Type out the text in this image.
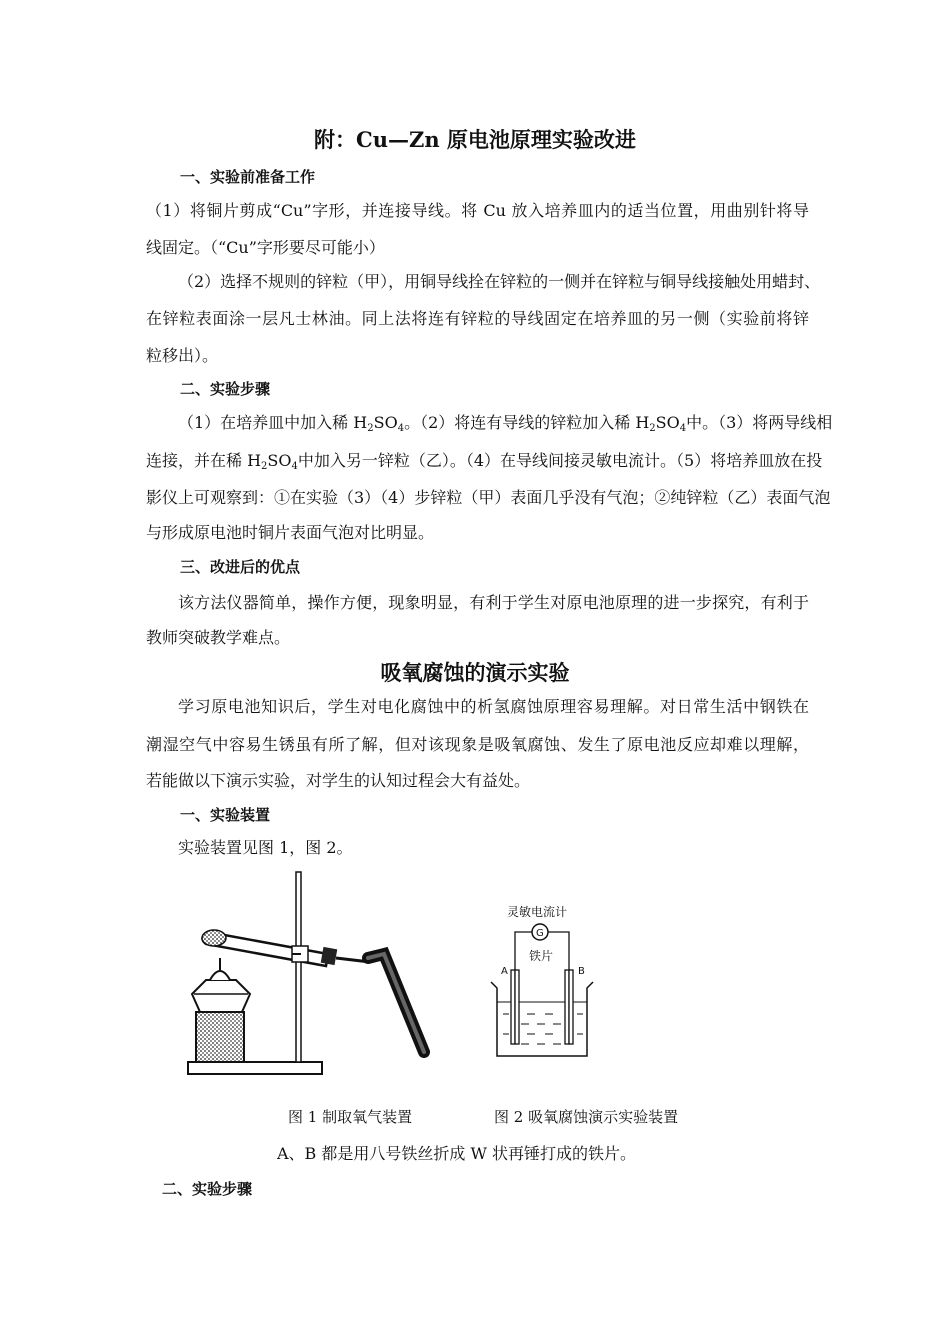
附：Cu—Zn 原电池原理实验改进
一、实验前准备工作
（1）将铜片剪成“Cu”字形，并连接导线。将 Cu 放入培养皿内的适当位置，用曲别针将导
线固定。（“Cu”字形要尽可能小）
（2）选择不规则的锌粒（甲），用铜导线拴在锌粒的一侧并在锌粒与铜导线接触处用蜡封、
在锌粒表面涂一层凡士林油。同上法将连有锌粒的导线固定在培养皿的另一侧（实验前将锌
粒移出）。
二、实验步骤
（1）在培养皿中加入稀 $H_2SO_4$。（2）将连有导线的锌粒加入稀 $H_2SO_4$中。（3）将两导线相
连接，并在稀 $H_2SO_4$中加入另一锌粒（乙）。（4）在导线间接灵敏电流计。（5）将培养皿放在投
影仪上可观察到：①在实验（3）（4）步锌粒（甲）表面几乎没有气泡；②纯锌粒（乙）表面气泡
与形成原电池时铜片表面气泡对比明显。
三、改进后的优点
该方法仪器简单，操作方便，现象明显，有利于学生对原电池原理的进一步探究，有利于
教师突破教学难点。
吸氧腐蚀的演示实验
学习原电池知识后，学生对电化腐蚀中的析氢腐蚀原理容易理解。对日常生活中钢铁在
潮湿空气中容易生锈虽有所了解，但对该现象是吸氧腐蚀、发生了原电池反应却难以理解，
若能做以下演示实验，对学生的认知过程会大有益处。
一、实验装置
实验装置见图 1，图 2。
灵敏电流计
G
铁片
A	B
图 1 制取氧气装置	图 2 吸氧腐蚀演示实验装置
A、B 都是用八号铁丝折成 W 状再锤打成的铁片。
二、实验步骤
